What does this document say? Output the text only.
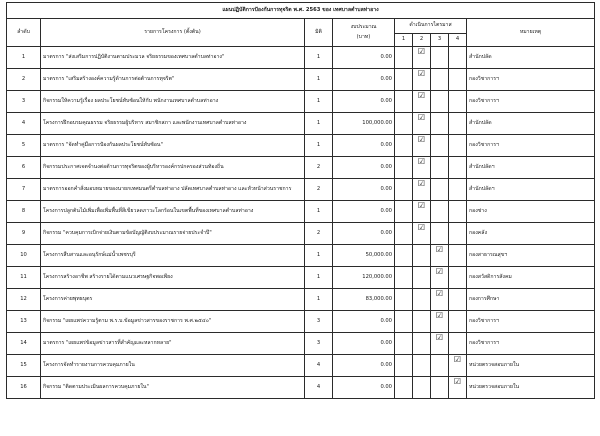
แผนปฏิบัติการป้องกันการทุจริต พ.ศ. 2563 ของ เทศบาลตำบลท่าอาง								
ลำดับ	รายการโครงการ (ตั้งต้น)	มิติ	งบประมาณ
(บาท)	ดำเนินการไตรมาส				หมายเหตุ
				1	2	3	4	
1	มาตรการ "ส่งเสริมการปฏิบัติงานตามประมวล จริยธรรมของเทศบาลตำบลท่าอาง"	1	0.00		☑			สำนักปลัด
2	มาตรการ "เสริมสร้างองค์ความรู้ด้านการต่อต้านการทุจริต"	1	0.00		☑			กองวิชาการฯ
3	กิจกรรมให้ความรู้เรื่อง ผลประโยชน์ทับซ้อนให้กับ พนักงานเทศบาลตำบลท่าอาง	1	0.00		☑			กองวิชาการฯ
4	โครงการฝึกอบรมคุณธรรม จริยธรรมผู้บริหาร สมาชิกสภา และพนักงานเทศบาลตำบลท่าอาง	1	100,000.00		☑			สำนักปลัด
5	มาตรการ "จัดทำคู่มือการป้องกันผลประโยชน์ทับซ้อน"	1	0.00		☑			กองวิชาการฯ
6	กิจกรรมประกาศเจตจำนงต่อต้านการทุจริตของผู้บริหารองค์กรปกครองส่วนท้องถิ่น	2	0.00		☑			สำนักปลัดฯ
7	มาตรการออกคำสั่งมอบหมายของนายกเทศมนตรีตำบลท่าอาง ปลัดเทศบาลตำบลท่าอาง และหัวหน้าส่วนราชการ	2	0.00		☑			สำนักปลัดฯ
8	โครงการปลูกต้นไม้เพิ่มเพื่อเพิ่มพื้นที่สีเขียวลดภาวะโลกร้อนในเขตพื้นที่ของเทศบาลตำบลท่าอาง	1	0.00		☑			กองช่าง
9	กิจกรรม "ควบคุมการเบิกจ่ายเงินตามข้อบัญญัติงบประมาณรายจ่ายประจำปี"	2	0.00		☑			กองคลัง
10	โครงการสืบสานและอนุรักษ์แม่น้ำเพชรบุรี	1	50,000.00			☑		กองสาธารณสุขฯ
11	โครงการสร้างอาชีพ สร้างรายได้ตามแนวเศรษฐกิจพอเพียง	1	120,000.00			☑		กองสวัสดิการสังคม
12	โครงการค่ายพุทธบุตร	1	83,000.00			☑		กองการศึกษา
13	กิจกรรม "เผยแพร่ความรู้ตาม พ.ร.บ.ข้อมูลข่าวสารของราชการ พ.ศ.๒๕๔๐"	3	0.00			☑		กองวิชาการฯ
14	มาตรการ "เผยแพร่ข้อมูลข่าวสารที่สำคัญและหลากหลาย"	3	0.00			☑		กองวิชาการฯ
15	โครงการจัดทำรายงานการควบคุมภายใน	4	0.00				☑	หน่วยตรวจสอบภายใน
16	กิจกรรม "ติดตามประเมินผลการควบคุมภายใน"	4	0.00				☑	หน่วยตรวจสอบภายใน
